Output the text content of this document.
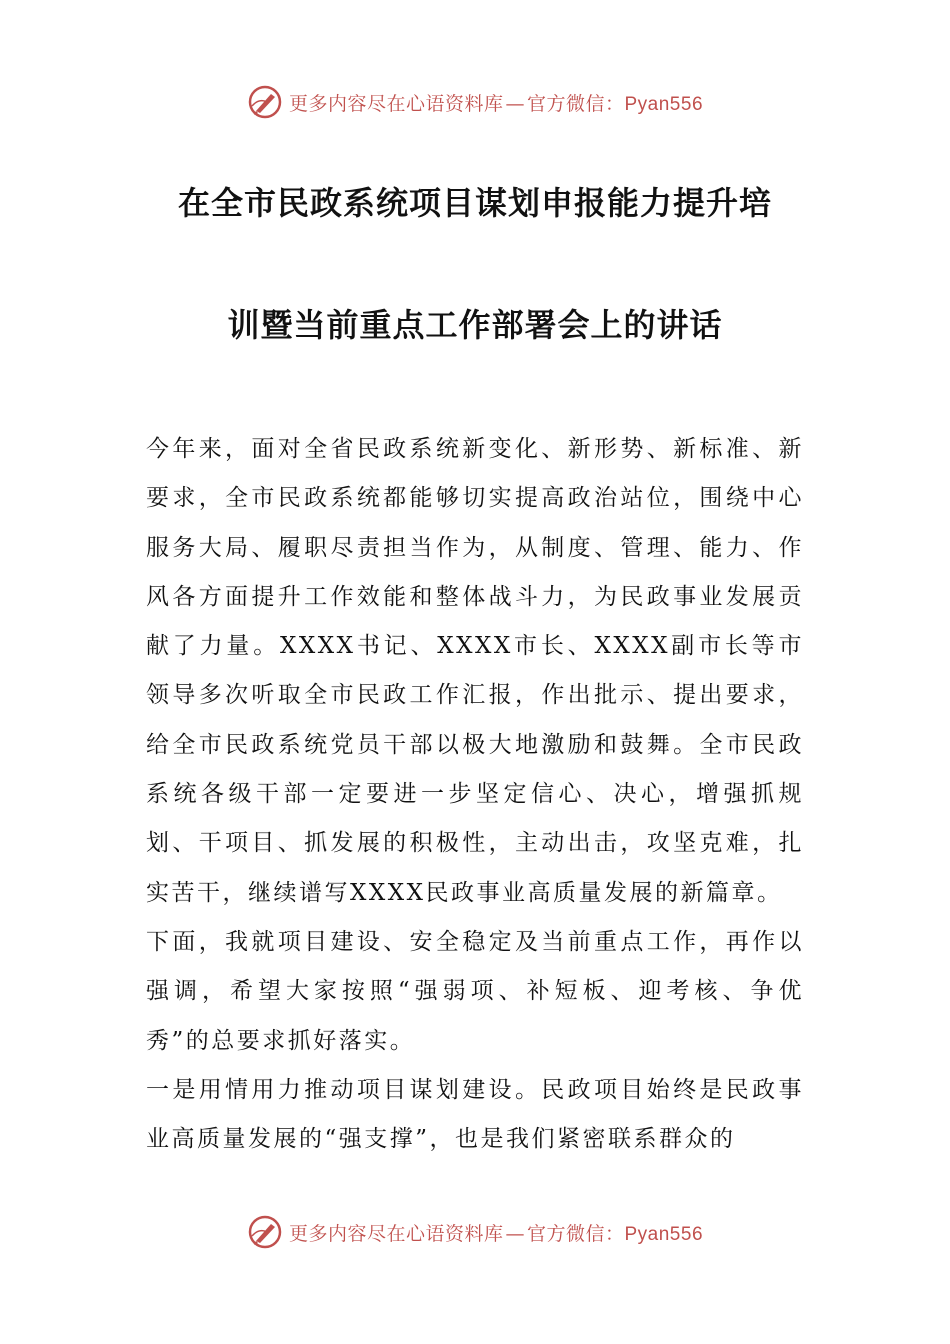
更多内容尽在心语资料库 — 官方微信：Pyan556
在全市民政系统项目谋划申报能力提升培
训暨当前重点工作部署会上的讲话

今年来，面对全省民政系统新变化、新形势、新标准、新要求，全市民政系统都能够切实提高政治站位，围绕中心服务大局、履职尽责担当作为，从制度、管理、能力、作风各方面提升工作效能和整体战斗力，为民政事业发展贡献了力量。XXXX书记、XXXX市长、XXXX副市长等市领导多次听取全市民政工作汇报，作出批示、提出要求，给全市民政系统党员干部以极大地激励和鼓舞。全市民政系统各级干部一定要进一步坚定信心、决心，增强抓规划、干项目、抓发展的积极性，主动出击，攻坚克难，扎实苦干，继续谱写XXXX民政事业高质量发展的新篇章。

下面，我就项目建设、安全稳定及当前重点工作，再作以强调，希望大家按照“强弱项、补短板、迎考核、争优秀”的总要求抓好落实。

一是用情用力推动项目谋划建设。民政项目始终是民政事业高质量发展的“强支撑”，也是我们紧密联系群众的

更多内容尽在心语资料库 — 官方微信：Pyan556
